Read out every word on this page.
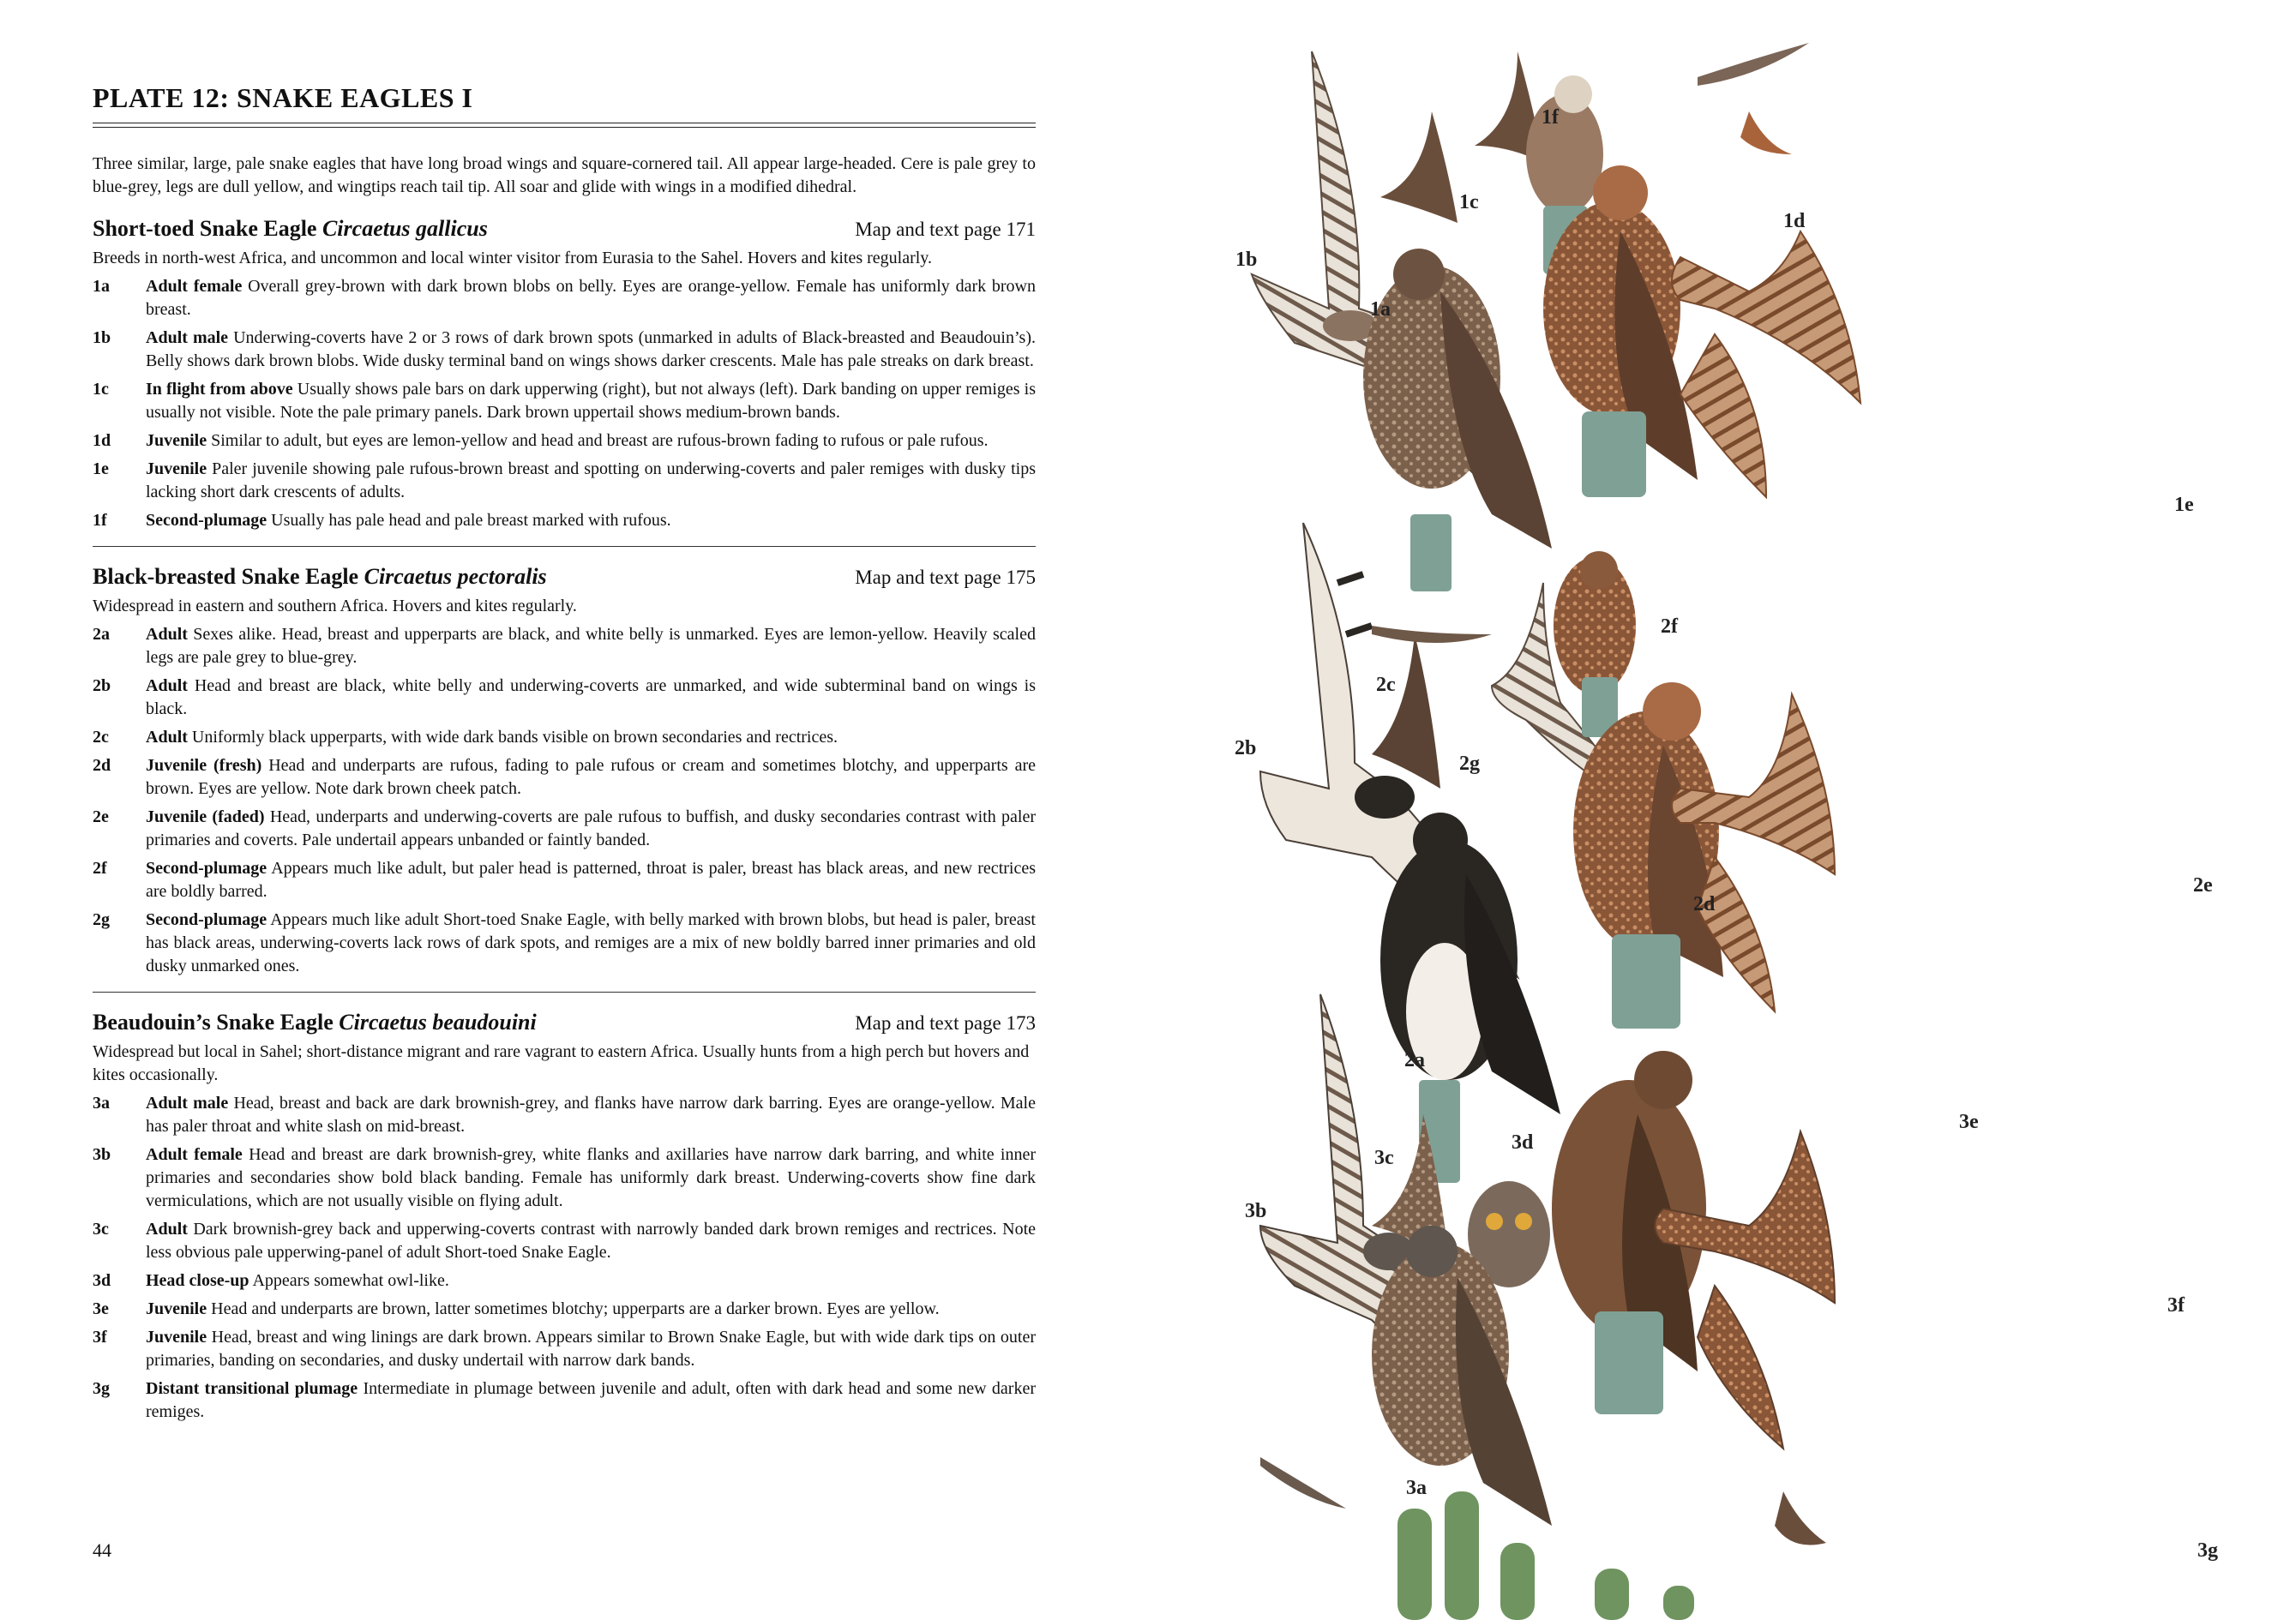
PLATE 12: SNAKE EAGLES I
Three similar, large, pale snake eagles that have long broad wings and square-cornered tail. All appear large-headed. Cere is pale grey to blue-grey, legs are dull yellow, and wingtips reach tail tip. All soar and glide with wings in a modified dihedral.
Short-toed Snake Eagle Circaetus gallicus	Map and text page 171
Breeds in north-west Africa, and uncommon and local winter visitor from Eurasia to the Sahel. Hovers and kites regularly.
1a	Adult female Overall grey-brown with dark brown blobs on belly. Eyes are orange-yellow. Female has uniformly dark brown breast.
1b	Adult male Underwing-coverts have 2 or 3 rows of dark brown spots (unmarked in adults of Black-breasted and Beaudouin’s). Belly shows dark brown blobs. Wide dusky terminal band on wings shows darker crescents. Male has pale streaks on dark breast.
1c	In flight from above Usually shows pale bars on dark upperwing (right), but not always (left). Dark banding on upper remiges is usually not visible. Note the pale primary panels. Dark brown uppertail shows medium-brown bands.
1d	Juvenile Similar to adult, but eyes are lemon-yellow and head and breast are rufous-brown fading to rufous or pale rufous.
1e	Juvenile Paler juvenile showing pale rufous-brown breast and spotting on underwing-coverts and paler remiges with dusky tips lacking short dark crescents of adults.
1f	Second-plumage Usually has pale head and pale breast marked with rufous.
Black-breasted Snake Eagle Circaetus pectoralis	Map and text page 175
Widespread in eastern and southern Africa. Hovers and kites regularly.
2a	Adult Sexes alike. Head, breast and upperparts are black, and white belly is unmarked. Eyes are lemon-yellow. Heavily scaled legs are pale grey to blue-grey.
2b	Adult Head and breast are black, white belly and underwing-coverts are unmarked, and wide subterminal band on wings is black.
2c	Adult Uniformly black upperparts, with wide dark bands visible on brown secondaries and rectrices.
2d	Juvenile (fresh) Head and underparts are rufous, fading to pale rufous or cream and sometimes blotchy, and upperparts are brown. Eyes are yellow. Note dark brown cheek patch.
2e	Juvenile (faded) Head, underparts and underwing-coverts are pale rufous to buffish, and dusky secondaries contrast with paler primaries and coverts. Pale undertail appears unbanded or faintly banded.
2f	Second-plumage Appears much like adult, but paler head is patterned, throat is paler, breast has black areas, and new rectrices are boldly barred.
2g	Second-plumage Appears much like adult Short-toed Snake Eagle, with belly marked with brown blobs, but head is paler, breast has black areas, underwing-coverts lack rows of dark spots, and remiges are a mix of new boldly barred inner primaries and old dusky unmarked ones.
Beaudouin’s Snake Eagle Circaetus beaudouini	Map and text page 173
Widespread but local in Sahel; short-distance migrant and rare vagrant to eastern Africa. Usually hunts from a high perch but hovers and kites occasionally.
3a	Adult male Head, breast and back are dark brownish-grey, and flanks have narrow dark barring. Eyes are orange-yellow. Male has paler throat and white slash on mid-breast.
3b	Adult female Head and breast are dark brownish-grey, white flanks and axillaries have narrow dark barring, and white inner primaries and secondaries show bold black banding. Female has uniformly dark breast. Underwing-coverts show fine dark vermiculations, which are not usually visible on flying adult.
3c	Adult Dark brownish-grey back and upperwing-coverts contrast with narrowly banded dark brown remiges and rectrices. Note less obvious pale upperwing-panel of adult Short-toed Snake Eagle.
3d	Head close-up Appears somewhat owl-like.
3e	Juvenile Head and underparts are brown, latter sometimes blotchy; upperparts are a darker brown. Eyes are yellow.
3f	Juvenile Head, breast and wing linings are dark brown. Appears similar to Brown Snake Eagle, but with wide dark tips on outer primaries, banding on secondaries, and dusky undertail with narrow dark bands.
3g	Distant transitional plumage Intermediate in plumage between juvenile and adult, often with dark head and some new darker remiges.
44
1b
1a
1c
1d
1e
1f
2a
2b
2c
2d
2e
2f
2g
3a
3b
3c
3d
3e
3f
3g
